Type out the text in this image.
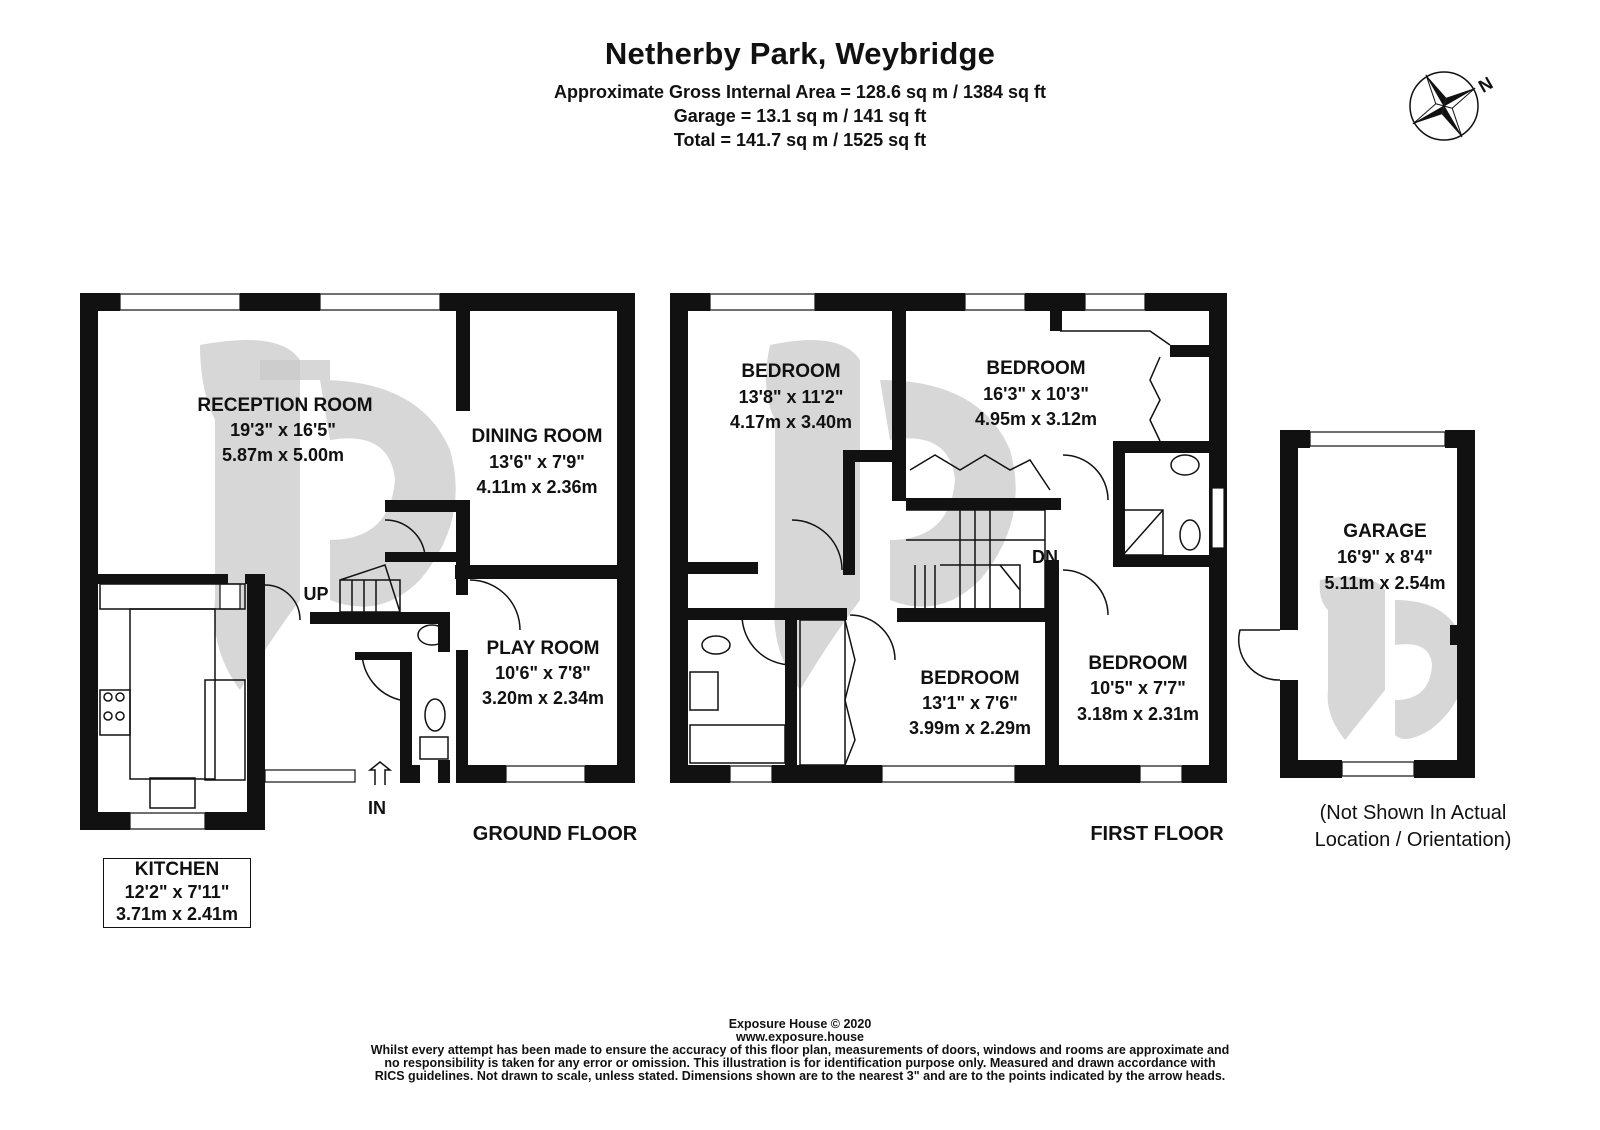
Netherby Park, Weybridge
Approximate Gross Internal Area = 128.6 sq m / 1384 sq ft
Garage = 13.1 sq m / 141 sq ft
Total = 141.7 sq m / 1525 sq ft
N
RECEPTION ROOM
19'3" x 16'5"
5.87m x 5.00m
DINING ROOM
13'6" x 7'9"
4.11m x 2.36m
PLAY ROOM
10'6" x 7'8"
3.20m x 2.34m
UP
IN
GROUND FLOOR
BEDROOM
13'8" x 11'2"
4.17m x 3.40m
BEDROOM
16'3" x 10'3"
4.95m x 3.12m
BEDROOM
13'1" x 7'6"
3.99m x 2.29m
BEDROOM
10'5" x 7'7"
3.18m x 2.31m
DN
FIRST FLOOR
GARAGE
16'9" x 8'4"
5.11m x 2.54m
KITCHEN
12'2" x 7'11"
3.71m x 2.41m
(Not Shown In Actual
Location / Orientation)
Exposure House © 2020
www.exposure.house
Whilst every attempt has been made to ensure the accuracy of this floor plan, measurements of doors, windows and rooms are approximate and
no responsibility is taken for any error or omission. This illustration is for identification purpose only. Measured and drawn accordance with
RICS guidelines. Not drawn to scale, unless stated. Dimensions shown are to the nearest 3" and are to the points indicated by the arrow heads.
